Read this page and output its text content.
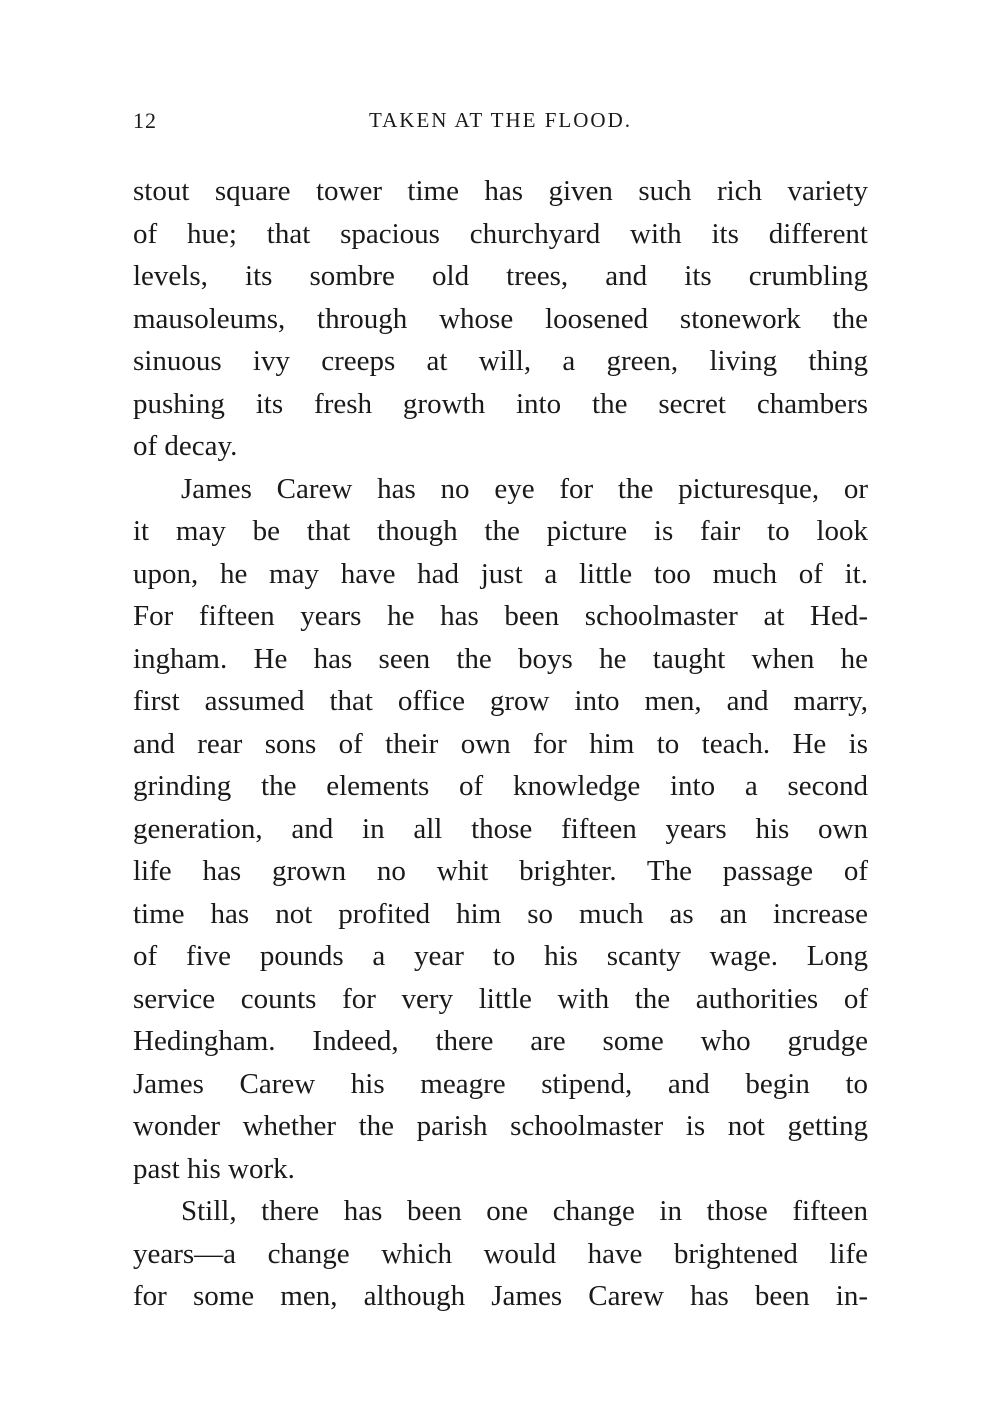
12	TAKEN AT THE FLOOD.
stout square tower time has given such rich variety
of hue; that spacious churchyard with its different
levels, its sombre old trees, and its crumbling
mausoleums, through whose loosened stonework the
sinuous ivy creeps at will, a green, living thing
pushing its fresh growth into the secret chambers
of decay.
James Carew has no eye for the picturesque, or
it may be that though the picture is fair to look
upon, he may have had just a little too much of it.
For fifteen years he has been schoolmaster at Hed-
ingham. He has seen the boys he taught when he
first assumed that office grow into men, and marry,
and rear sons of their own for him to teach. He is
grinding the elements of knowledge into a second
generation, and in all those fifteen years his own
life has grown no whit brighter. The passage of
time has not profited him so much as an increase
of five pounds a year to his scanty wage. Long
service counts for very little with the authorities of
Hedingham. Indeed, there are some who grudge
James Carew his meagre stipend, and begin to
wonder whether the parish schoolmaster is not getting
past his work.
Still, there has been one change in those fifteen
years—a change which would have brightened life
for some men, although James Carew has been in-
